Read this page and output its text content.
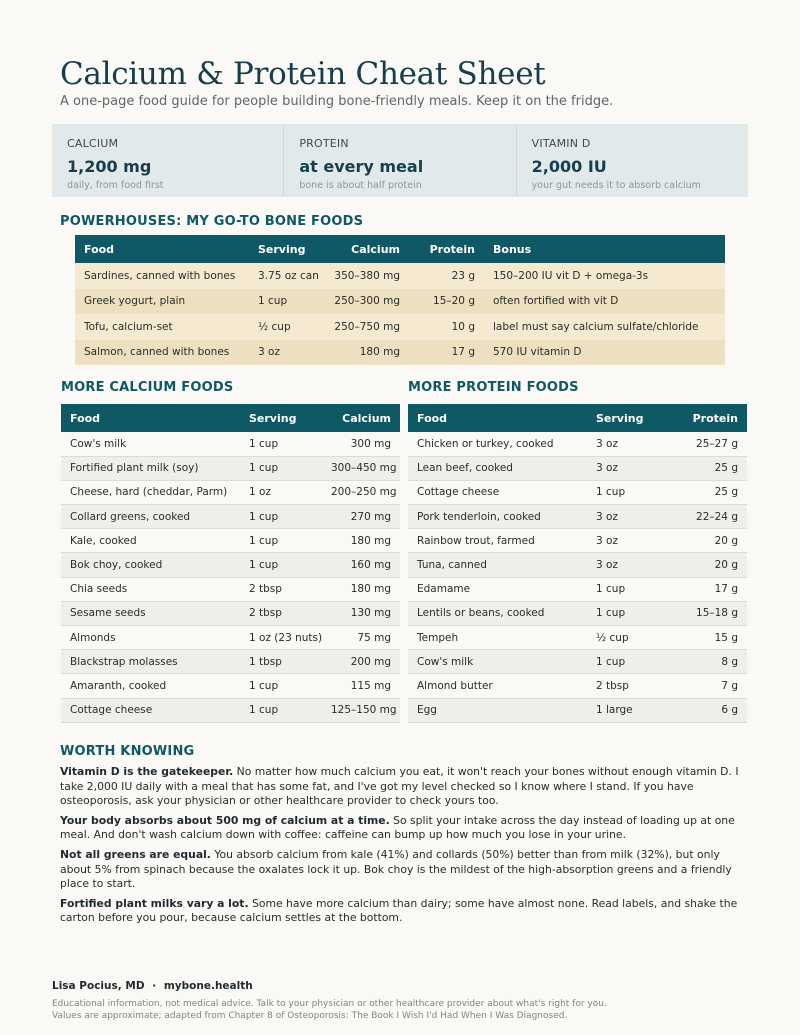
Calcium & Protein Cheat Sheet
A one-page food guide for people building bone-friendly meals. Keep it on the fridge.
CALCIUM
1,200 mg
daily, from food first
PROTEIN
at every meal
bone is about half protein
VITAMIN D
2,000 IU
your gut needs it to absorb calcium
POWERHOUSES: MY GO-TO BONE FOODS
Food	Serving	Calcium	Protein	Bonus
Sardines, canned with bones	3.75 oz can	350–380 mg	23 g	150–200 IU vit D + omega-3s
Greek yogurt, plain	1 cup	250–300 mg	15–20 g	often fortified with vit D
Tofu, calcium-set	½ cup	250–750 mg	10 g	label must say calcium sulfate/chloride
Salmon, canned with bones	3 oz	180 mg	17 g	570 IU vitamin D
MORE CALCIUM FOODS
Food	Serving	Calcium
Cow's milk	1 cup	300 mg
Fortified plant milk (soy)	1 cup	300–450 mg
Cheese, hard (cheddar, Parm)	1 oz	200–250 mg
Collard greens, cooked	1 cup	270 mg
Kale, cooked	1 cup	180 mg
Bok choy, cooked	1 cup	160 mg
Chia seeds	2 tbsp	180 mg
Sesame seeds	2 tbsp	130 mg
Almonds	1 oz (23 nuts)	75 mg
Blackstrap molasses	1 tbsp	200 mg
Amaranth, cooked	1 cup	115 mg
Cottage cheese	1 cup	125–150 mg
MORE PROTEIN FOODS
Food	Serving	Protein
Chicken or turkey, cooked	3 oz	25–27 g
Lean beef, cooked	3 oz	25 g
Cottage cheese	1 cup	25 g
Pork tenderloin, cooked	3 oz	22–24 g
Rainbow trout, farmed	3 oz	20 g
Tuna, canned	3 oz	20 g
Edamame	1 cup	17 g
Lentils or beans, cooked	1 cup	15–18 g
Tempeh	½ cup	15 g
Cow's milk	1 cup	8 g
Almond butter	2 tbsp	7 g
Egg	1 large	6 g
WORTH KNOWING

Vitamin D is the gatekeeper. No matter how much calcium you eat, it won't reach your bones without enough vitamin D. I take 2,000 IU daily with a meal that has some fat, and I've got my level checked so I know where I stand. If you have osteoporosis, ask your physician or other healthcare provider to check yours too.

Your body absorbs about 500 mg of calcium at a time. So split your intake across the day instead of loading up at one meal. And don't wash calcium down with coffee: caffeine can bump up how much you lose in your urine.

Not all greens are equal. You absorb calcium from kale (41%) and collards (50%) better than from milk (32%), but only about 5% from spinach because the oxalates lock it up. Bok choy is the mildest of the high-absorption greens and a friendly place to start.

Fortified plant milks vary a lot. Some have more calcium than dairy; some have almost none. Read labels, and shake the carton before you pour, because calcium settles at the bottom.

Lisa Pocius, MD · mybone.health
Educational information, not medical advice. Talk to your physician or other healthcare provider about what's right for you.
Values are approximate; adapted from Chapter 8 of Osteoporosis: The Book I Wish I'd Had When I Was Diagnosed.
